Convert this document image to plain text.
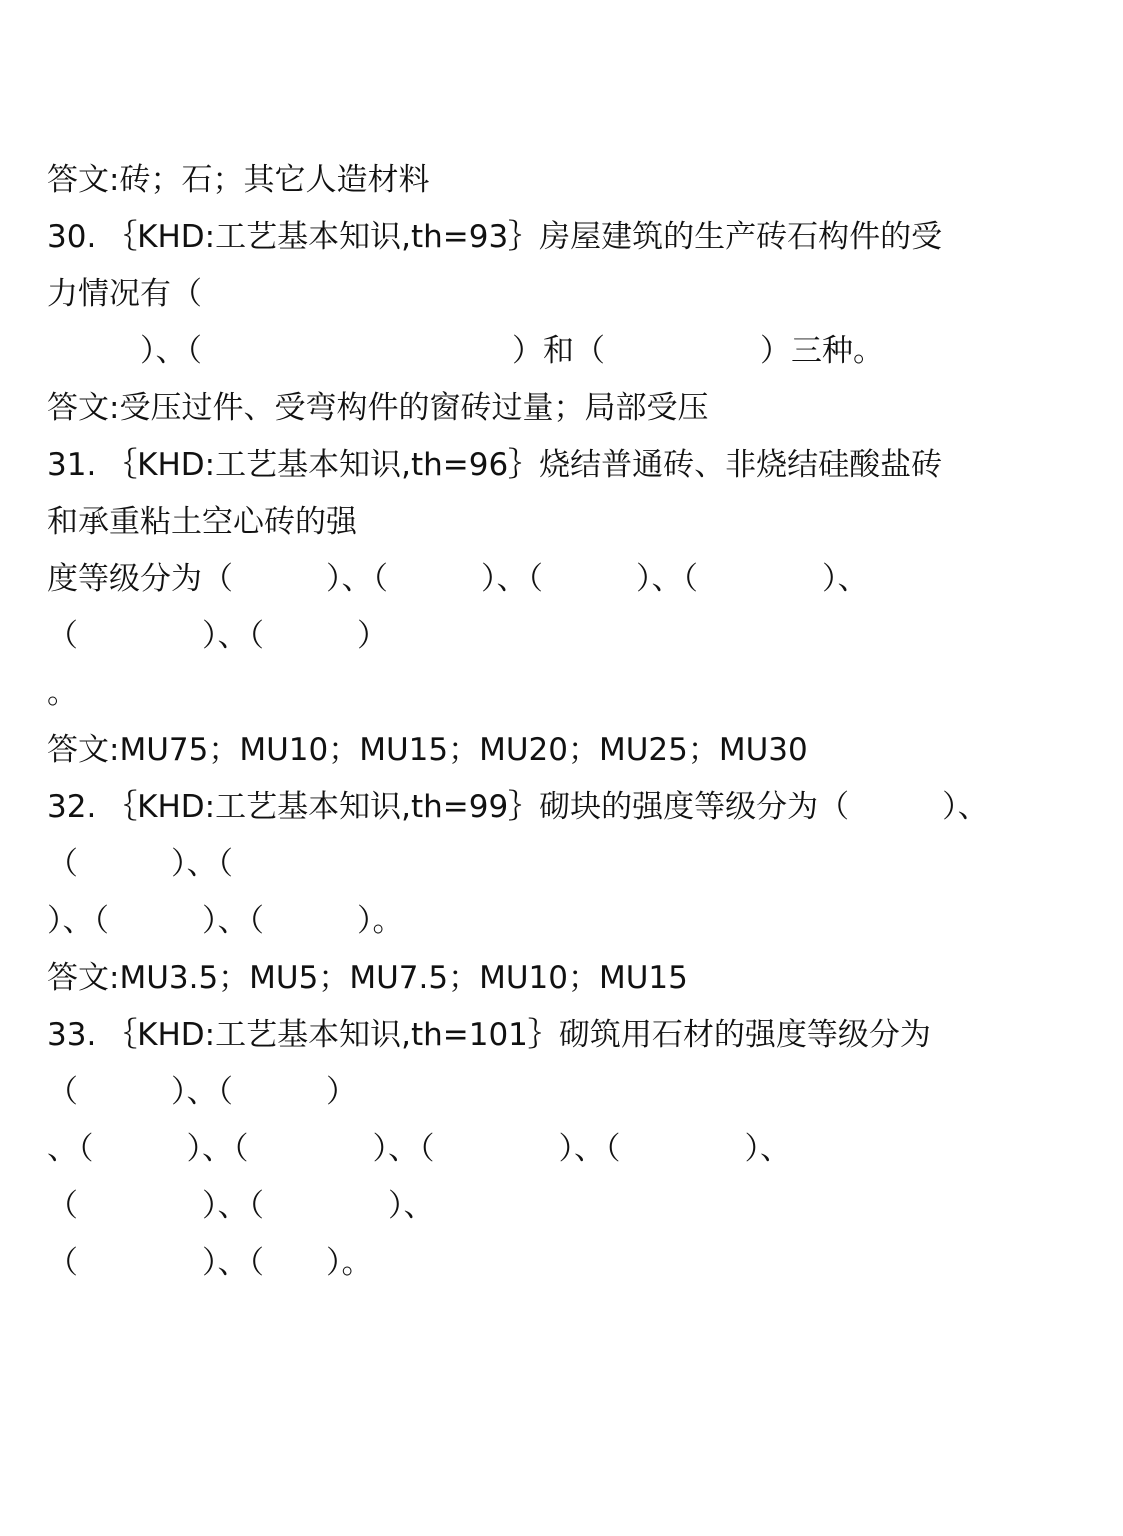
答文:砖；石；其它人造材料
30. ｛KHD:工艺基本知识,th=93｝房屋建筑的生产砖石构件的受
力情况有（
　　　）、（　　　　　　　　　　）和（　　　　　）三种。
答文:受压过件、受弯构件的窗砖过量；局部受压
31. ｛KHD:工艺基本知识,th=96｝烧结普通砖、非烧结硅酸盐砖
和承重粘土空心砖的强
度等级分为（　　　）、（　　　）、（　　　）、（　　　　）、
（　　　　）、（　　　）
。
答文:MU75；MU10；MU15；MU20；MU25；MU30
32. ｛KHD:工艺基本知识,th=99｝砌块的强度等级分为（　　　）、
（　　　）、（
）、（　　　）、（　　　）。
答文:MU3.5；MU5；MU7.5；MU10；MU15
33. ｛KHD:工艺基本知识,th=101｝砌筑用石材的强度等级分为
（　　　）、（　　　）
、（　　　）、（　　　　）、（　　　　）、（　　　　）、
（　　　　）、（　　　　）、
（　　　　）、（　　）。
